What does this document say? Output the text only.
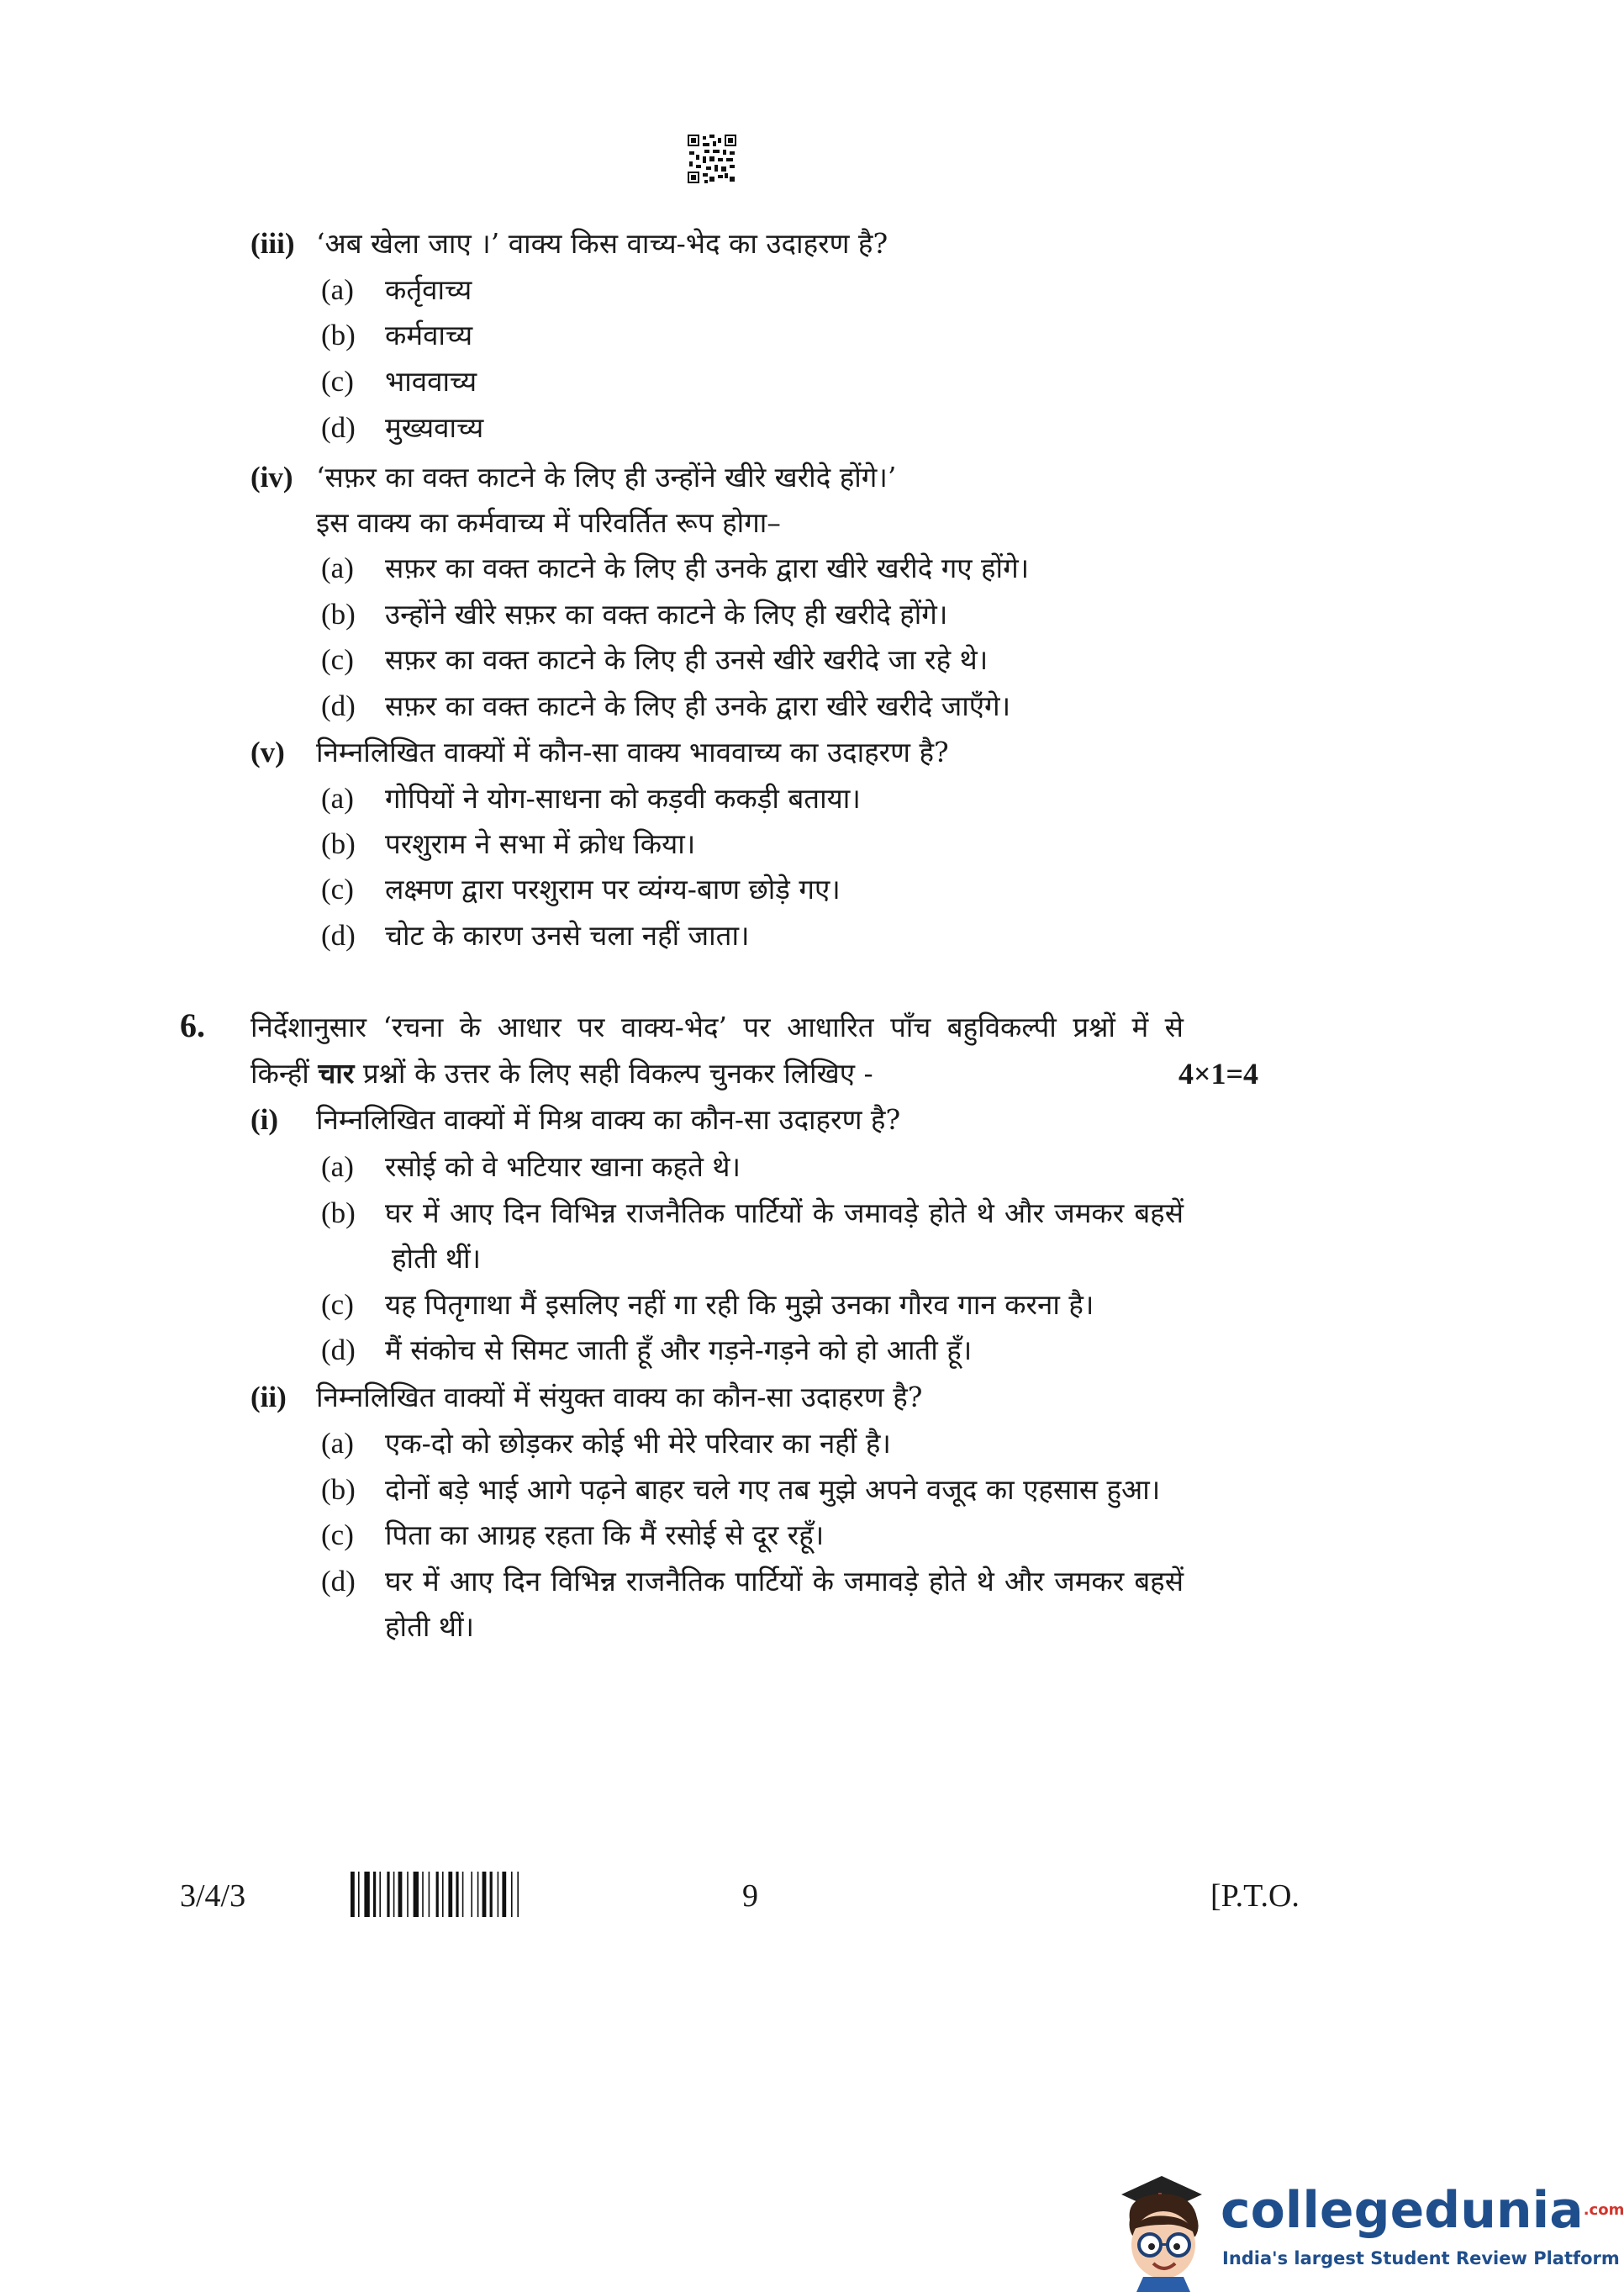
(iii) ‘अब खेला जाए ।’ वाक्य किस वाच्य-भेद का उदाहरण है?
(a) कर्तृवाच्य
(b) कर्मवाच्य
(c) भाववाच्य
(d) मुख्यवाच्य
(iv) ‘सफ़र का वक्त काटने के लिए ही उन्होंने खीरे खरीदे होंगे।’
इस वाक्य का कर्मवाच्य में परिवर्तित रूप होगा–
(a) सफ़र का वक्त काटने के लिए ही उनके द्वारा खीरे खरीदे गए होंगे।
(b) उन्होंने खीरे सफ़र का वक्त काटने के लिए ही खरीदे होंगे।
(c) सफ़र का वक्त काटने के लिए ही उनसे खीरे खरीदे जा रहे थे।
(d) सफ़र का वक्त काटने के लिए ही उनके द्वारा खीरे खरीदे जाएँगे।
(v) निम्नलिखित वाक्यों में कौन-सा वाक्य भाववाच्य का उदाहरण है?
(a) गोपियों ने योग-साधना को कड़वी ककड़ी बताया।
(b) परशुराम ने सभा में क्रोध किया।
(c) लक्ष्मण द्वारा परशुराम पर व्यंग्य-बाण छोड़े गए।
(d) चोट के कारण उनसे चला नहीं जाता।
6. निर्देशानुसार ‘रचना के आधार पर वाक्य-भेद’ पर आधारित पाँच बहुविकल्पी प्रश्नों में से
किन्हीं चार प्रश्नों के उत्तर के लिए सही विकल्प चुनकर लिखिए -	4×1=4
(i) निम्नलिखित वाक्यों में मिश्र वाक्य का कौन-सा उदाहरण है?
(a) रसोई को वे भटियार खाना कहते थे।
(b) घर में आए दिन विभिन्न राजनैतिक पार्टियों के जमावड़े होते थे और जमकर बहसें
होती थीं।
(c) यह पितृगाथा मैं इसलिए नहीं गा रही कि मुझे उनका गौरव गान करना है।
(d) मैं संकोच से सिमट जाती हूँ और गड़ने-गड़ने को हो आती हूँ।
(ii) निम्नलिखित वाक्यों में संयुक्त वाक्य का कौन-सा उदाहरण है?
(a) एक-दो को छोड़कर कोई भी मेरे परिवार का नहीं है।
(b) दोनों बड़े भाई आगे पढ़ने बाहर चले गए तब मुझे अपने वजूद का एहसास हुआ।
(c) पिता का आग्रह रहता कि मैं रसोई से दूर रहूँ।
(d) घर में आए दिन विभिन्न राजनैतिक पार्टियों के जमावड़े होते थे और जमकर बहसें
होती थीं।
3/4/3	9	[P.T.O.
collegedunia$^{.com}$
India's largest Student Review Platform
